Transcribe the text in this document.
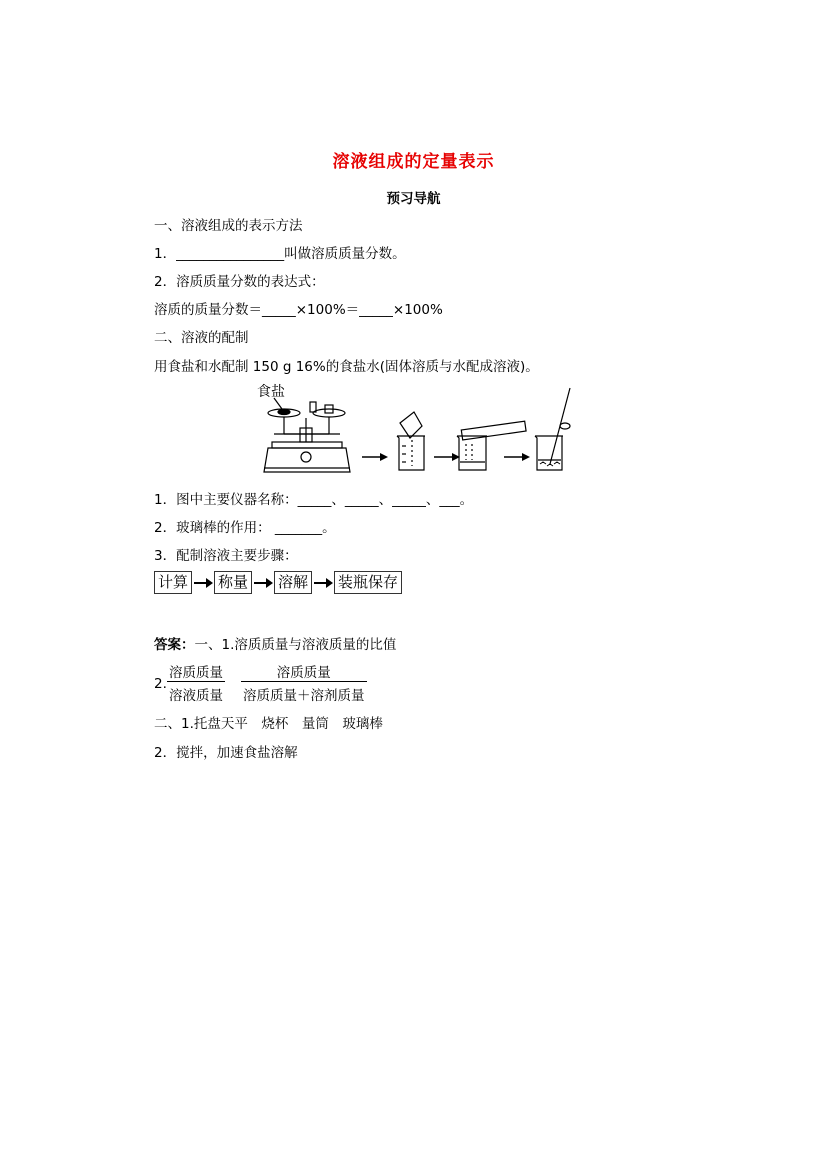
溶液组成的定量表示
预习导航
一、溶液组成的表示方法
1．________________叫做溶质质量分数。
2．溶质质量分数的表达式：
溶质的质量分数＝_____×100%＝_____×100%
二、溶液的配制
用食盐和水配制 150 g 16%的食盐水(固体溶质与水配成溶液)。
食盐
1．图中主要仪器名称：_____、_____、_____、___。
2．玻璃棒的作用： _______。
3．配制溶液主要步骤：
计算 称量 溶解 装瓶保存
答案：一、1.溶质质量与溶液质量的比值
2.
溶质质量
溶液质量
溶质质量
溶质质量＋溶剂质量
二、1.托盘天平　烧杯　量筒　玻璃棒
2．搅拌，加速食盐溶解
